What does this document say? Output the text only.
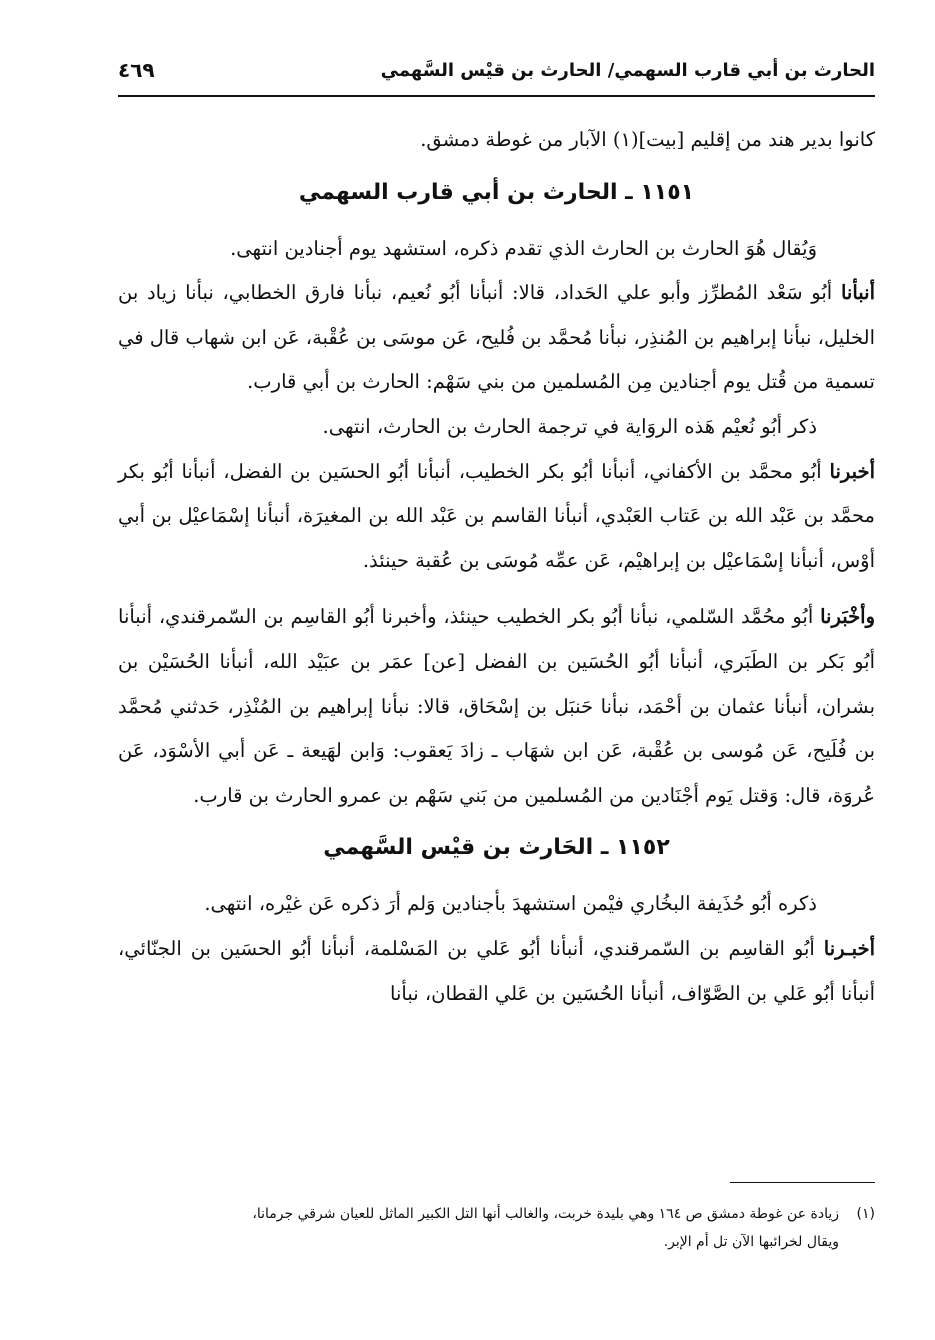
الحارث بن أبي قارب السهمي/ الحارث بن قيْس السَّهمي
٤٦٩

كانوا بدير هند من إقليم [بيت](١) الآبار من غوطة دمشق.

١١٥١ ـ الحارث بن أبي قارب السهمي

وَيُقال هُوَ الحارث بن الحارث الذي تقدم ذكره، استشهد يوم أجنادين انتهى.

أنبأنا أبُو سَعْد المُطرِّز وأبو علي الحَداد، قالا: أنبأنا أبُو نُعيم، نبأنا فارق الخطابي، نبأنا زياد بن الخليل، نبأنا إبراهيم بن المُنذِر، نبأنا مُحمَّد بن فُليح، عَن موسَى بن عُقْبة، عَن ابن شهاب قال في تسمية من قُتل يوم أجنادين مِن المُسلمين من بني سَهْم: الحارث بن أبي قارب.

ذكر أبُو نُعيْم هَذه الروَاية في ترجمة الحارث بن الحارث، انتهى.

أخبرنا أبُو محمَّد بن الأكفاني، أنبأنا أبُو بكر الخطيب، أنبأنا أبُو الحسَين بن الفضل، أنبأنا أبُو بكر محمَّد بن عَبْد الله بن عَتاب العَبْدي، أنبأنا القاسم بن عَبْد الله بن المغيرَة، أنبأنا إسْمَاعيْل بن أبي أوْس، أنبأنا إسْمَاعيْل بن إبراهيْم، عَن عمِّه مُوسَى بن عُقبة حينئذ.

وأخْبَرنا أبُو محُمَّد السّلمي، نبأنا أبُو بكر الخطيب حينئذ، وأخبرنا أبُو القاسِم بن السّمرقندي، أنبأنا أبُو بَكر بن الطَبَري، أنبأنا أبُو الحُسَين بن الفضل [عن] عمَر بن عبَيْد الله، أنبأنا الحُسَيْن بن بشران، أنبأنا عثمان بن أحْمَد، نبأنا حَنبَل بن إسْحَاق، قالا: نبأنا إبراهيم بن المُنْذِر، حَدثني مُحمَّد بن فُلَيح، عَن مُوسى بن عُقْبة، عَن ابن شهَاب ـ زادَ يَعقوب: وَابن لهَيعة ـ عَن أبي الأسْوَد، عَن عُروَة، قال: وَقتل يَوم أجْنَادين من المُسلمين من بَني سَهْم بن عمرو الحارث بن قارب.

١١٥٢ ـ الحَارث بن قيْس السَّهمي

ذكره أبُو حُذَيفة البخُاري فيْمن استشهدَ بأجنادين وَلم أرَ ذكره عَن غيْره، انتهى.

أخبـرنا أبُو القاسِم بن السّمرقندي، أنبأنا أبُو عَلي بن المَسْلمة، أنبأنا أبُو الحسَين بن الجنّائي، أنبأنا أبُو عَلي بن الصَّوّاف، أنبأنا الحُسَين بن عَلي القطان، نبأنا

(١)زيادة عن غوطة دمشق ص ١٦٤ وهي بليدة خربت، والغالب أنها التل الكبير الماثل للعيان شرقي جرمانا،
ويقال لخرائبها الآن تل أم الإبر.
